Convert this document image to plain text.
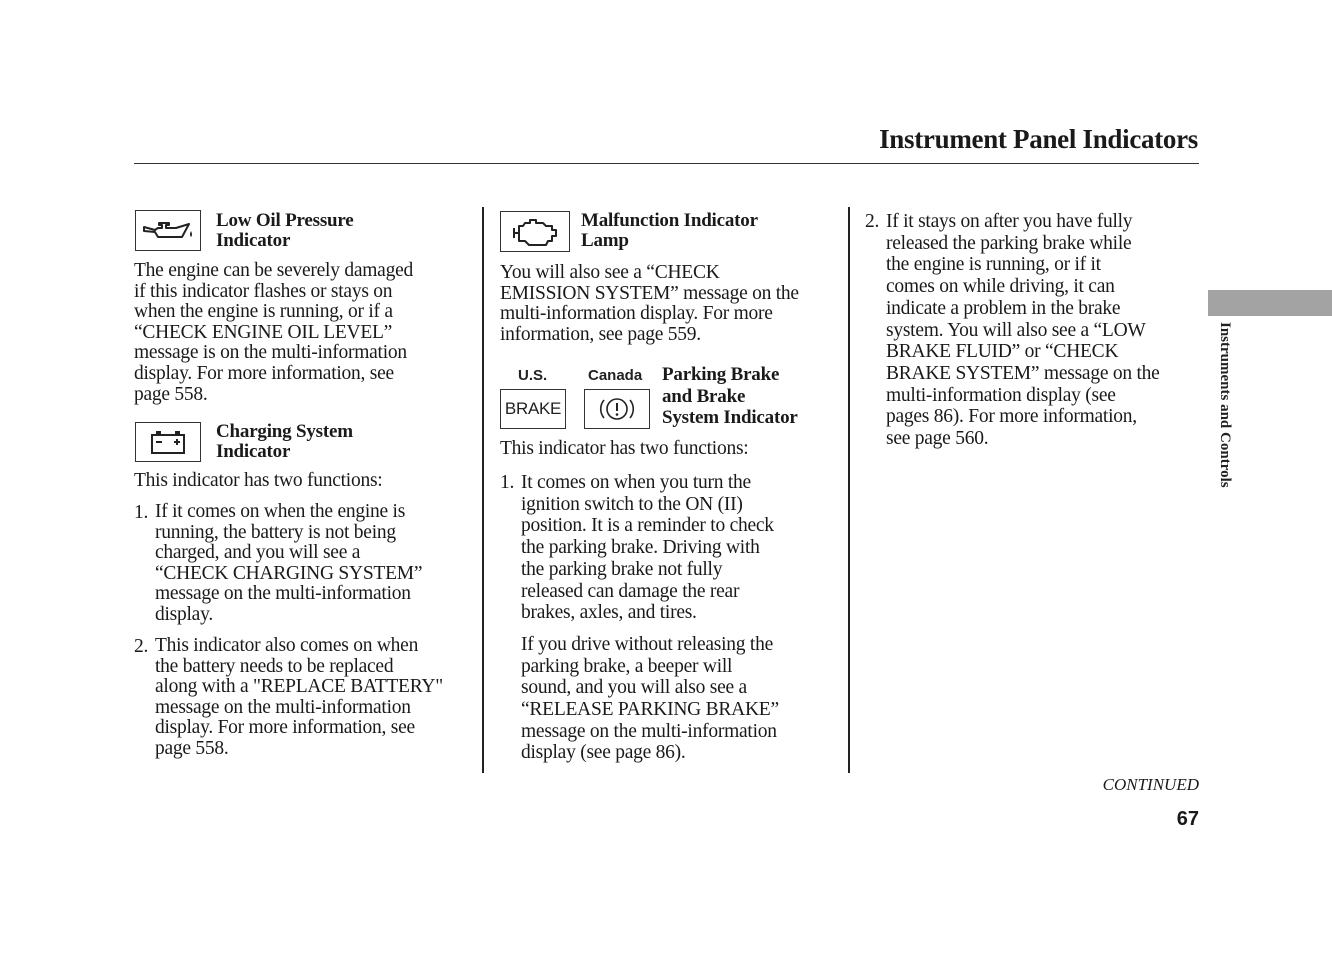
Instrument Panel Indicators
Instruments and Controls
Low Oil Pressure
Indicator
The engine can be severely damaged
if this indicator flashes or stays on
when the engine is running, or if a
“CHECK ENGINE OIL LEVEL”
message is on the multi-information
display. For more information, see
page 558.
Charging System
Indicator
This indicator has two functions:
1. If it comes on when the engine is
running, the battery is not being
charged, and you will see a
“CHECK CHARGING SYSTEM”
message on the multi-information
display.
2. This indicator also comes on when
the battery needs to be replaced
along with a "REPLACE BATTERY"
message on the multi-information
display. For more information, see
page 558.
Malfunction Indicator
Lamp
You will also see a “CHECK
EMISSION SYSTEM” message on the
multi-information display. For more
information, see page 559.
U.S.	Canada
BRAKE
Parking Brake
and Brake
System Indicator
This indicator has two functions:
1. It comes on when you turn the
ignition switch to the ON (II)
position. It is a reminder to check
the parking brake. Driving with
the parking brake not fully
released can damage the rear
brakes, axles, and tires.
If you drive without releasing the
parking brake, a beeper will
sound, and you will also see a
“RELEASE PARKING BRAKE”
message on the multi-information
display (see page 86).
2. If it stays on after you have fully
released the parking brake while
the engine is running, or if it
comes on while driving, it can
indicate a problem in the brake
system. You will also see a “LOW
BRAKE FLUID” or “CHECK
BRAKE SYSTEM” message on the
multi-information display (see
pages 86). For more information,
see page 560.
CONTINUED
67
